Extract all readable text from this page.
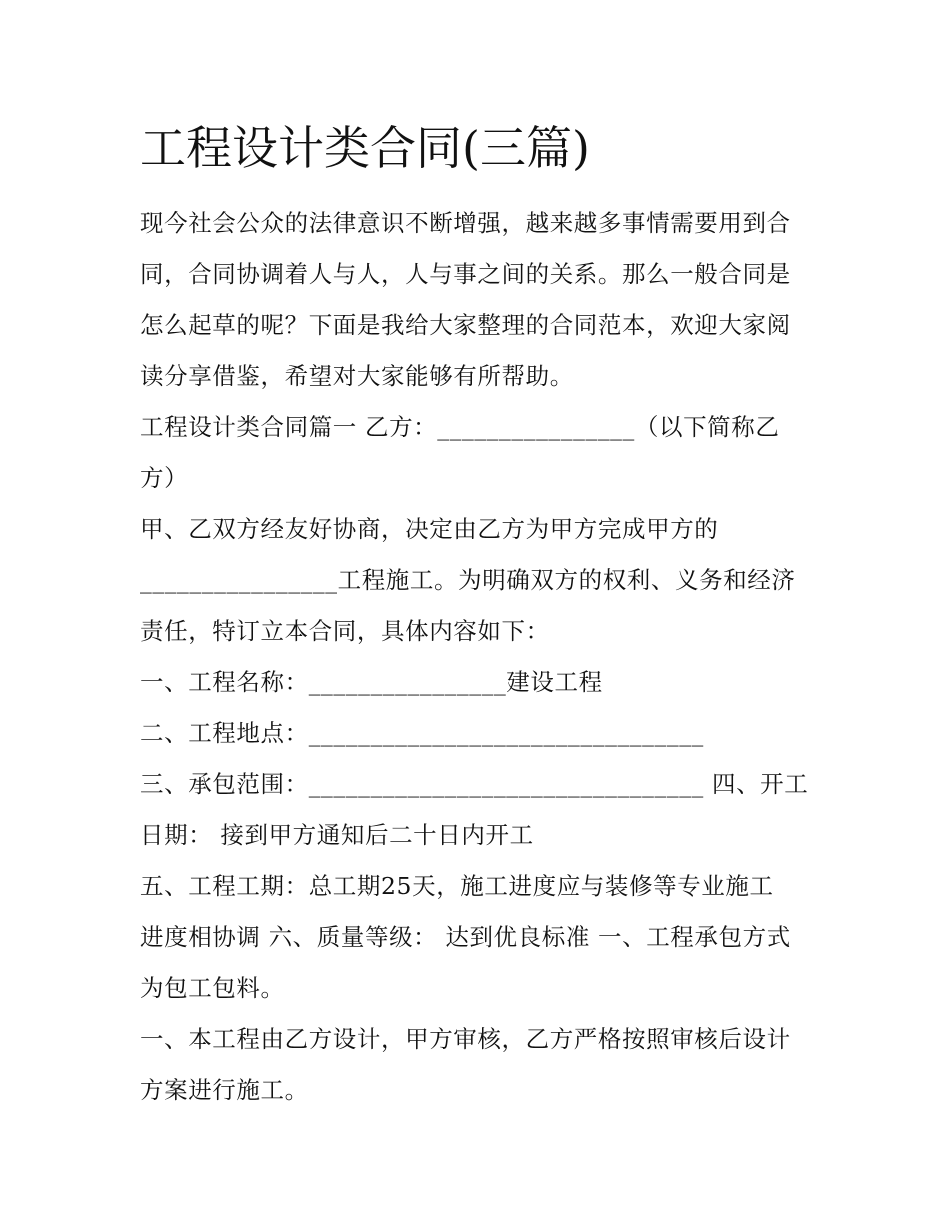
工程设计类合同(三篇)

现今社会公众的法律意识不断增强，越来越多事情需要用到合

同，合同协调着人与人，人与事之间的关系。那么一般合同是

怎么起草的呢？下面是我给大家整理的合同范本，欢迎大家阅

读分享借鉴，希望对大家能够有所帮助。

工程设计类合同篇一 乙方：________________（以下简称乙

方）

甲、乙双方经友好协商，决定由乙方为甲方完成甲方的

________________工程施工。为明确双方的权利、义务和经济

责任，特订立本合同，具体内容如下：

一、工程名称：________________建设工程

二、工程地点：________________________________

三、承包范围：________________________________ 四、开工

日期： 接到甲方通知后二十日内开工

五、工程工期：总工期25天，施工进度应与装修等专业施工

进度相协调 六、质量等级： 达到优良标准 一、工程承包方式

为包工包料。

一、本工程由乙方设计，甲方审核，乙方严格按照审核后设计

方案进行施工。
